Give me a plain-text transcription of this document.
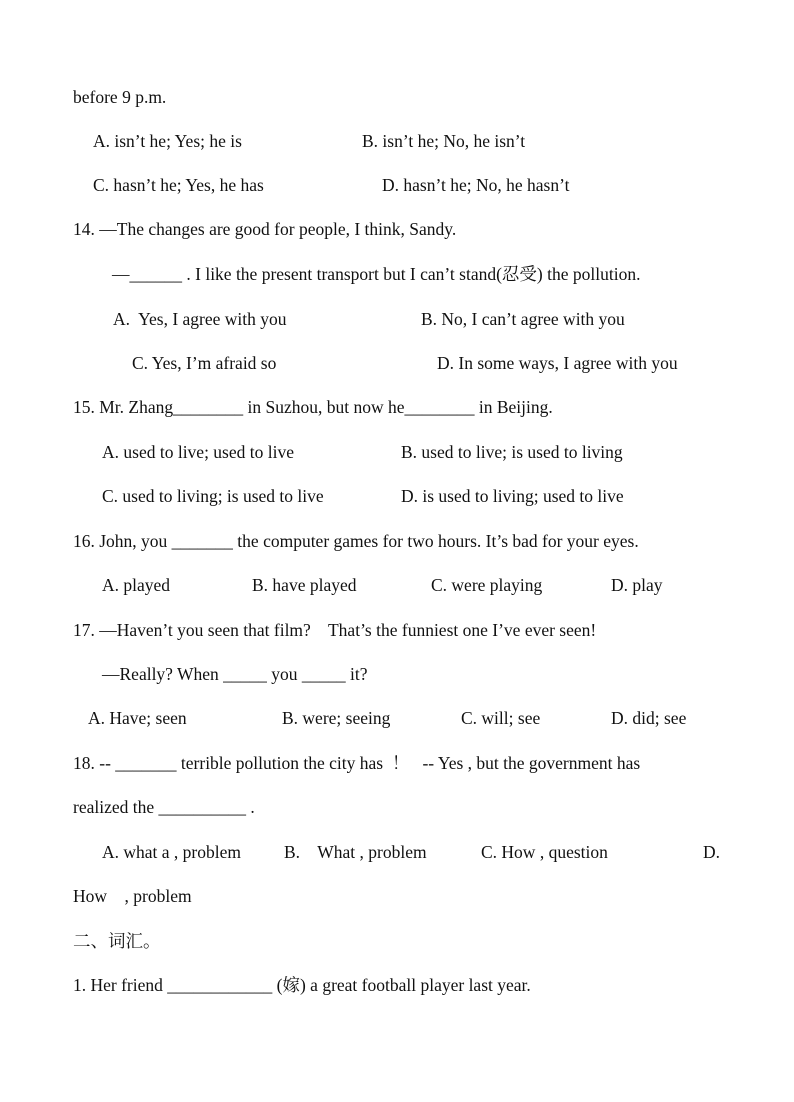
before 9 p.m.
A. isn’t he; Yes; he is	B. isn’t he; No, he isn’t
C. hasn’t he; Yes, he has	D. hasn’t he; No, he hasn’t
14. —The changes are good for people, I think, Sandy.
—______ . I like the present transport but I can’t stand(忍受) the pollution.
A.  Yes, I agree with you	B. No, I can’t agree with you
C. Yes, I’m afraid so	D. In some ways, I agree with you
15. Mr. Zhang________ in Suzhou, but now he________ in Beijing.
A. used to live; used to live	B. used to live; is used to living
C. used to living; is used to live	D. is used to living; used to live
16. John, you _______ the computer games for two hours. It’s bad for your eyes.
A. played	B. have played	C. were playing	D. play
17. —Haven’t you seen that film?    That’s the funniest one I’ve ever seen!
—Really? When _____ you _____ it?
A. Have; seen	B. were; seeing	C. will; see	D. did; see
18. -- _______ terrible pollution the city has  ！   -- Yes , but the government has
realized the __________ .
A. what a , problem B.    What , problem	C. How , question	D.
How    , problem
二、词汇。
1. Her friend ____________ (嫁) a great football player last year.
